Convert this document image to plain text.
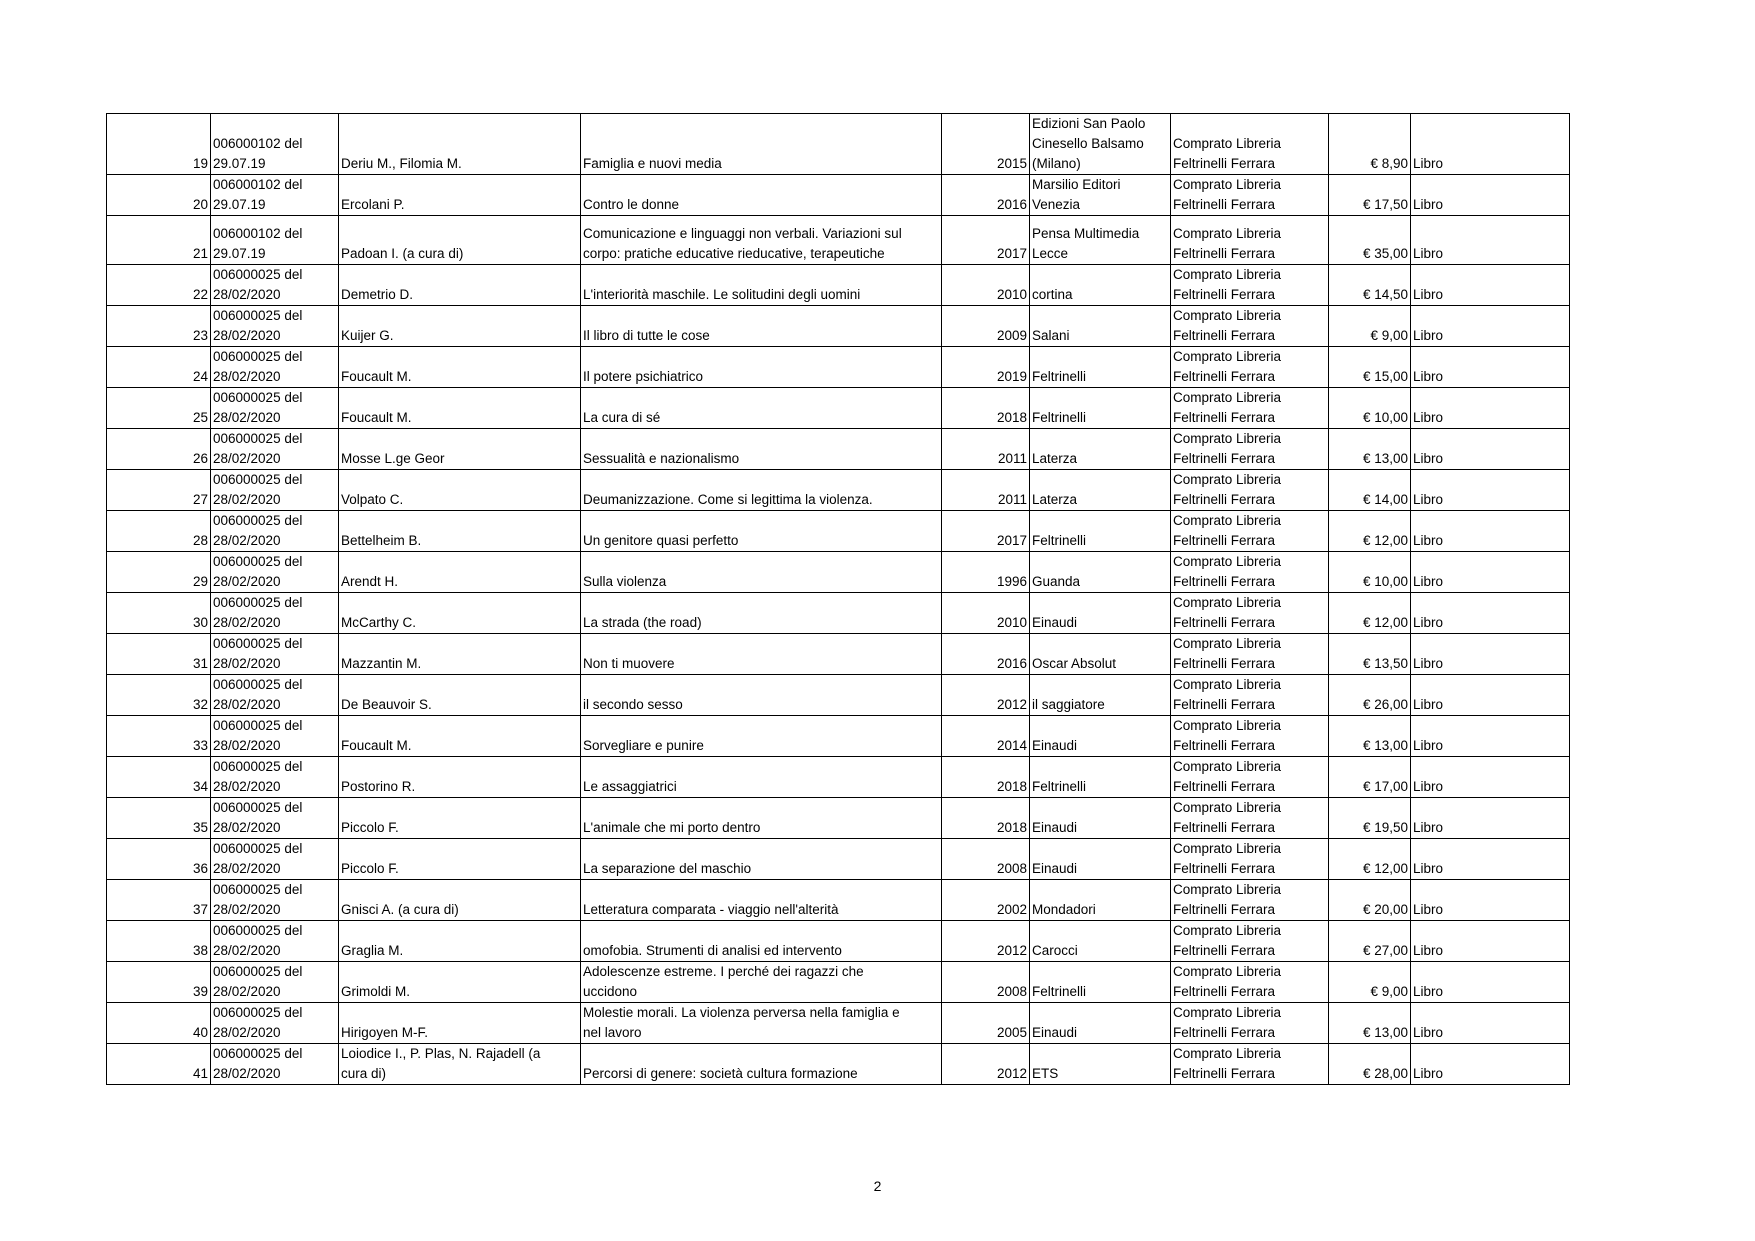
19	006000102 del
29.07.19	Deriu M., Filomia M.	Famiglia e nuovi media	2015	Edizioni San Paolo
Cinesello Balsamo
(Milano)	Comprato Libreria
Feltrinelli Ferrara	€ 8,90	Libro
20	006000102 del
29.07.19	Ercolani P.	Contro le donne	2016	Marsilio Editori
Venezia	Comprato Libreria
Feltrinelli Ferrara	€ 17,50	Libro
21	006000102 del
29.07.19	Padoan I. (a cura di)	Comunicazione e linguaggi non verbali. Variazioni sul
corpo: pratiche educative rieducative, terapeutiche	2017	Pensa Multimedia
Lecce	Comprato Libreria
Feltrinelli Ferrara	€ 35,00	Libro
22	006000025 del
28/02/2020	Demetrio D.	L'interiorità maschile. Le solitudini degli uomini	2010	cortina	Comprato Libreria
Feltrinelli Ferrara	€ 14,50	Libro
23	006000025 del
28/02/2020	Kuijer G.	Il libro di tutte le cose	2009	Salani	Comprato Libreria
Feltrinelli Ferrara	€ 9,00	Libro
24	006000025 del
28/02/2020	Foucault M.	Il potere psichiatrico	2019	Feltrinelli	Comprato Libreria
Feltrinelli Ferrara	€ 15,00	Libro
25	006000025 del
28/02/2020	Foucault M.	La cura di sé	2018	Feltrinelli	Comprato Libreria
Feltrinelli Ferrara	€ 10,00	Libro
26	006000025 del
28/02/2020	Mosse L.ge Geor	Sessualità e nazionalismo	2011	Laterza	Comprato Libreria
Feltrinelli Ferrara	€ 13,00	Libro
27	006000025 del
28/02/2020	Volpato C.	Deumanizzazione. Come si legittima la violenza.	2011	Laterza	Comprato Libreria
Feltrinelli Ferrara	€ 14,00	Libro
28	006000025 del
28/02/2020	Bettelheim B.	Un genitore quasi perfetto	2017	Feltrinelli	Comprato Libreria
Feltrinelli Ferrara	€ 12,00	Libro
29	006000025 del
28/02/2020	Arendt H.	Sulla violenza	1996	Guanda	Comprato Libreria
Feltrinelli Ferrara	€ 10,00	Libro
30	006000025 del
28/02/2020	McCarthy C.	La strada (the road)	2010	Einaudi	Comprato Libreria
Feltrinelli Ferrara	€ 12,00	Libro
31	006000025 del
28/02/2020	Mazzantin M.	Non ti muovere	2016	Oscar Absolut	Comprato Libreria
Feltrinelli Ferrara	€ 13,50	Libro
32	006000025 del
28/02/2020	De Beauvoir S.	il secondo sesso	2012	il saggiatore	Comprato Libreria
Feltrinelli Ferrara	€ 26,00	Libro
33	006000025 del
28/02/2020	Foucault M.	Sorvegliare e punire	2014	Einaudi	Comprato Libreria
Feltrinelli Ferrara	€ 13,00	Libro
34	006000025 del
28/02/2020	Postorino R.	Le assaggiatrici	2018	Feltrinelli	Comprato Libreria
Feltrinelli Ferrara	€ 17,00	Libro
35	006000025 del
28/02/2020	Piccolo F.	L'animale che mi porto dentro	2018	Einaudi	Comprato Libreria
Feltrinelli Ferrara	€ 19,50	Libro
36	006000025 del
28/02/2020	Piccolo F.	La separazione del maschio	2008	Einaudi	Comprato Libreria
Feltrinelli Ferrara	€ 12,00	Libro
37	006000025 del
28/02/2020	Gnisci A. (a cura di)	Letteratura comparata - viaggio nell'alterità	2002	Mondadori	Comprato Libreria
Feltrinelli Ferrara	€ 20,00	Libro
38	006000025 del
28/02/2020	Graglia M.	omofobia. Strumenti di analisi ed intervento	2012	Carocci	Comprato Libreria
Feltrinelli Ferrara	€ 27,00	Libro
39	006000025 del
28/02/2020	Grimoldi M.	Adolescenze estreme. I perché dei ragazzi che
uccidono	2008	Feltrinelli	Comprato Libreria
Feltrinelli Ferrara	€ 9,00	Libro
40	006000025 del
28/02/2020	Hirigoyen M-F.	Molestie morali. La violenza perversa nella famiglia e
nel lavoro	2005	Einaudi	Comprato Libreria
Feltrinelli Ferrara	€ 13,00	Libro
41	006000025 del
28/02/2020	Loiodice I., P. Plas, N. Rajadell (a
cura di)	Percorsi di genere: società cultura formazione	2012	ETS	Comprato Libreria
Feltrinelli Ferrara	€ 28,00	Libro
2
